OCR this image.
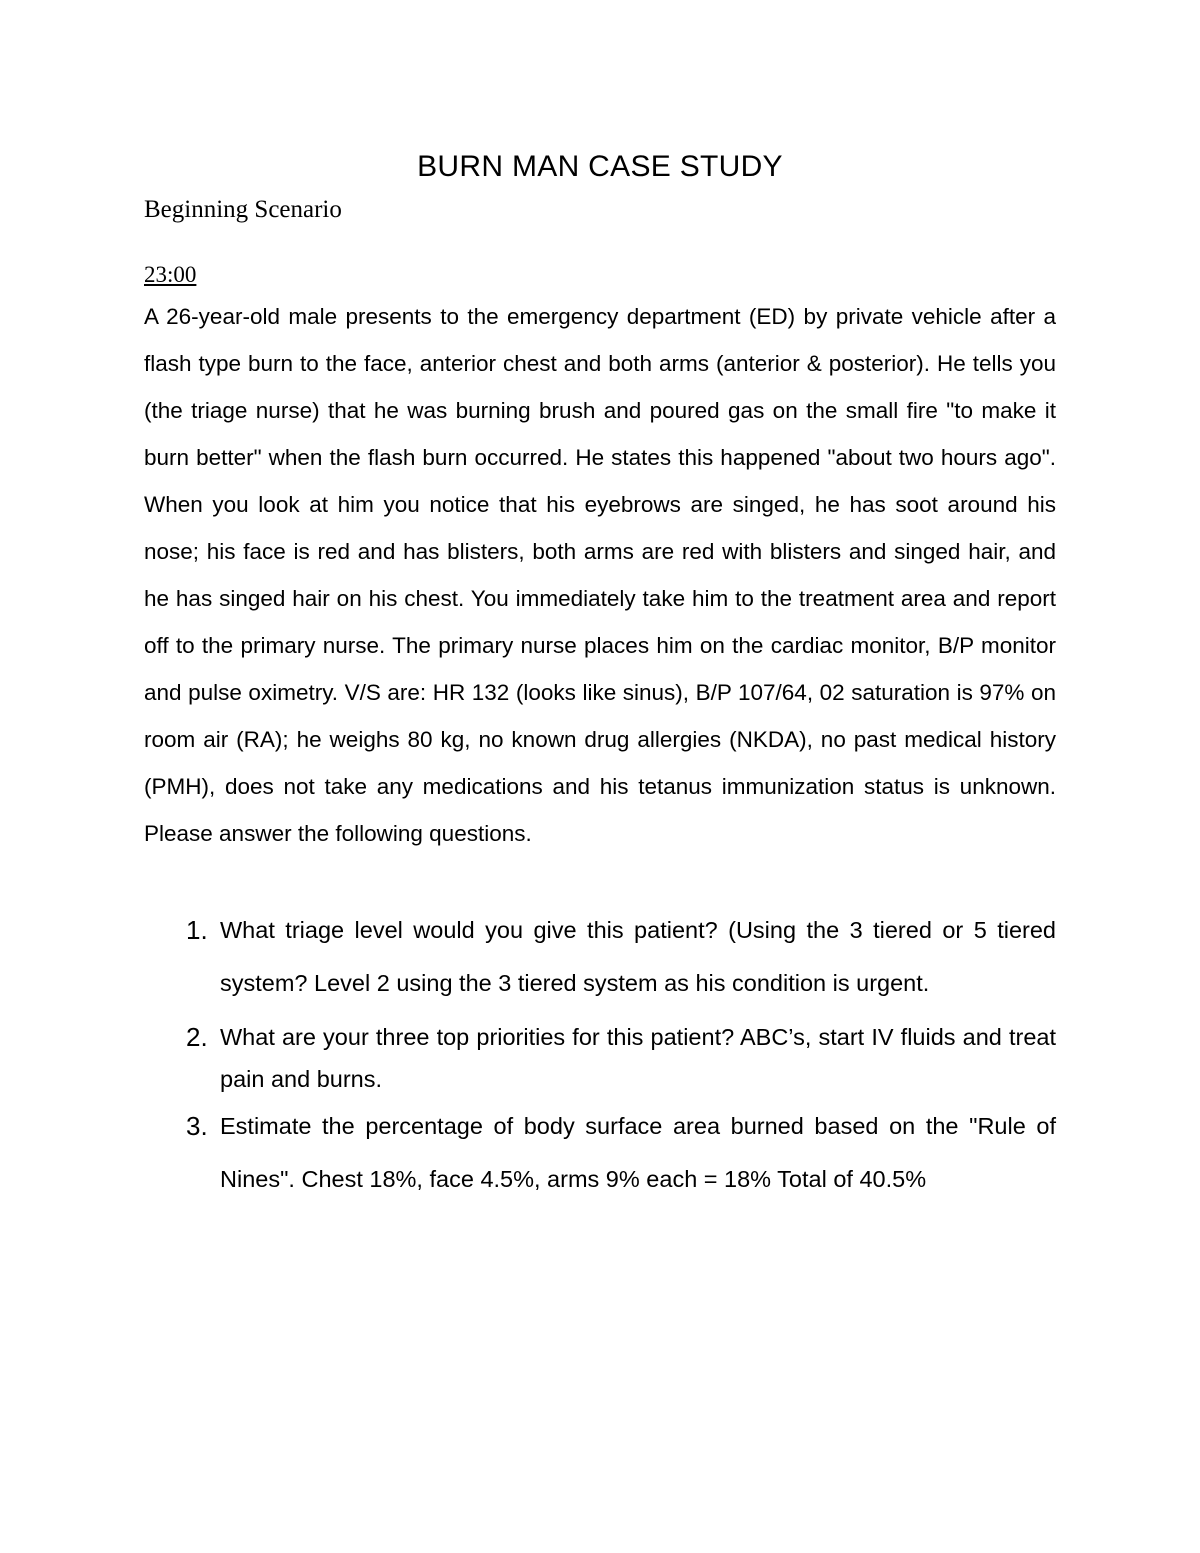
BURN MAN CASE STUDY
Beginning Scenario
23:00

A 26-year-old male presents to the emergency department (ED) by private vehicle after a flash type burn to the face, anterior chest and both arms (anterior & posterior). He tells you (the triage nurse) that he was burning brush and poured gas on the small fire "to make it burn better" when the flash burn occurred. He states this happened "about two hours ago". When you look at him you notice that his eyebrows are singed, he has soot around his nose; his face is red and has blisters, both arms are red with blisters and singed hair, and he has singed hair on his chest. You immediately take him to the treatment area and report off to the primary nurse. The primary nurse places him on the cardiac monitor, B/P monitor and pulse oximetry. V/S are: HR 132 (looks like sinus), B/P 107/64, 02 saturation is 97% on room air (RA); he weighs 80 kg, no known drug allergies (NKDA), no past medical history (PMH), does not take any medications and his tetanus immunization status is unknown. Please answer the following questions.

1. What triage level would you give this patient? (Using the 3 tiered or 5 tiered system? Level 2 using the 3 tiered system as his condition is urgent.
2. What are your three top priorities for this patient? ABC’s, start IV fluids and treat pain and burns.
3. Estimate the percentage of body surface area burned based on the "Rule of Nines". Chest 18%, face 4.5%, arms 9% each = 18% Total of 40.5%
